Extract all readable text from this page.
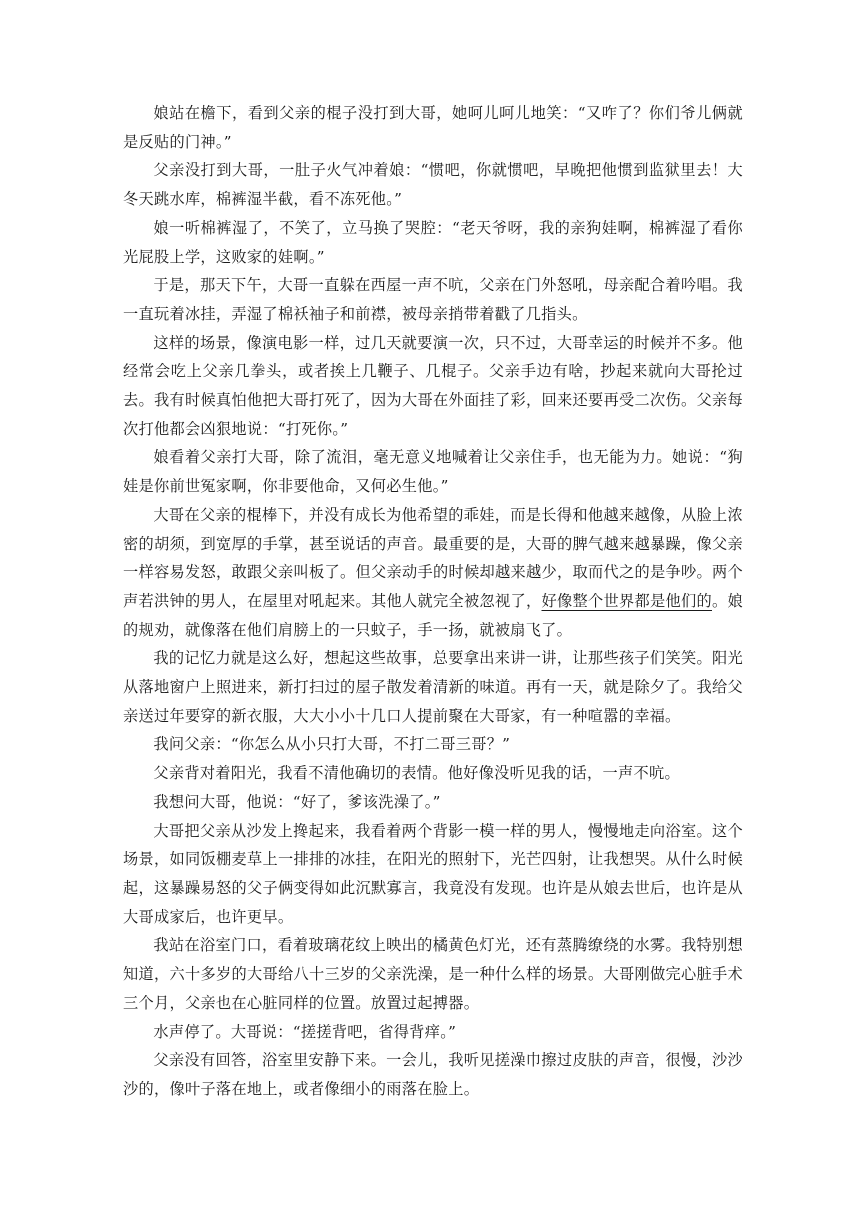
娘站在檐下，看到父亲的棍子没打到大哥，她呵儿呵儿地笑：“又咋了？你们爷儿俩就是反贴的门神。”

父亲没打到大哥，一肚子火气冲着娘：“惯吧，你就惯吧，早晚把他惯到监狱里去！大冬天跳水库，棉裤湿半截，看不冻死他。”

娘一听棉裤湿了，不笑了，立马换了哭腔：“老天爷呀，我的亲狗娃啊，棉裤湿了看你光屁股上学，这败家的娃啊。”

于是，那天下午，大哥一直躲在西屋一声不吭，父亲在门外怒吼，母亲配合着吟唱。我一直玩着冰挂，弄湿了棉袄袖子和前襟，被母亲捎带着戳了几指头。

这样的场景，像演电影一样，过几天就要演一次，只不过，大哥幸运的时候并不多。他经常会吃上父亲几拳头，或者挨上几鞭子、几棍子。父亲手边有啥，抄起来就向大哥抡过去。我有时候真怕他把大哥打死了，因为大哥在外面挂了彩，回来还要再受二次伤。父亲每次打他都会凶狠地说：“打死你。”

娘看着父亲打大哥，除了流泪，毫无意义地喊着让父亲住手，也无能为力。她说：“狗娃是你前世冤家啊，你非要他命，又何必生他。”

大哥在父亲的棍棒下，并没有成长为他希望的乖娃，而是长得和他越来越像，从脸上浓密的胡须，到宽厚的手掌，甚至说话的声音。最重要的是，大哥的脾气越来越暴躁，像父亲一样容易发怒，敢跟父亲叫板了。但父亲动手的时候却越来越少，取而代之的是争吵。两个声若洪钟的男人，在屋里对吼起来。其他人就完全被忽视了，好像整个世界都是他们的。娘的规劝，就像落在他们肩膀上的一只蚊子，手一扬，就被扇飞了。

我的记忆力就是这么好，想起这些故事，总要拿出来讲一讲，让那些孩子们笑笑。阳光从落地窗户上照进来，新打扫过的屋子散发着清新的味道。再有一天，就是除夕了。我给父亲送过年要穿的新衣服，大大小小十几口人提前聚在大哥家，有一种喧嚣的幸福。

我问父亲：“你怎么从小只打大哥，不打二哥三哥？”

父亲背对着阳光，我看不清他确切的表情。他好像没听见我的话，一声不吭。

我想问大哥，他说：“好了，爹该洗澡了。”

大哥把父亲从沙发上搀起来，我看着两个背影一模一样的男人，慢慢地走向浴室。这个场景，如同饭棚麦草上一排排的冰挂，在阳光的照射下，光芒四射，让我想哭。从什么时候起，这暴躁易怒的父子俩变得如此沉默寡言，我竟没有发现。也许是从娘去世后，也许是从大哥成家后，也许更早。

我站在浴室门口，看着玻璃花纹上映出的橘黄色灯光，还有蒸腾缭绕的水雾。我特别想知道，六十多岁的大哥给八十三岁的父亲洗澡，是一种什么样的场景。大哥刚做完心脏手术三个月，父亲也在心脏同样的位置。放置过起搏器。

水声停了。大哥说：“搓搓背吧，省得背痒。”

父亲没有回答，浴室里安静下来。一会儿，我听见搓澡巾擦过皮肤的声音，很慢，沙沙沙的，像叶子落在地上，或者像细小的雨落在脸上。
